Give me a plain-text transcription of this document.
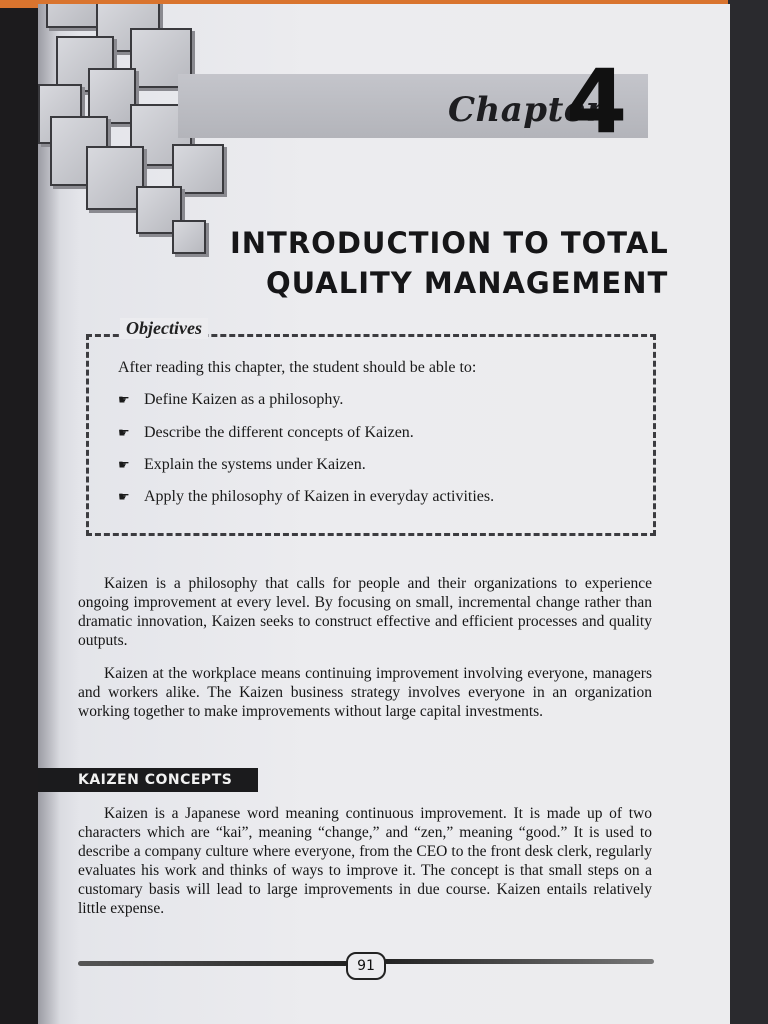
Chapter
4
INTRODUCTION TO TOTAL
QUALITY MANAGEMENT
Objectives
After reading this chapter, the student should be able to:
☛ Define Kaizen as a philosophy.
☛ Describe the different concepts of Kaizen.
☛ Explain the systems under Kaizen.
☛ Apply the philosophy of Kaizen in everyday activities.
Kaizen is a philosophy that calls for people and their organizations to experience ongoing improvement at every level. By focusing on small, incremental change rather than dramatic innovation, Kaizen seeks to construct effective and efficient processes and quality outputs.
Kaizen at the workplace means continuing improvement involving everyone, managers and workers alike. The Kaizen business strategy involves everyone in an organization working together to make improvements without large capital investments.
KAIZEN CONCEPTS
Kaizen is a Japanese word meaning continuous improvement. It is made up of two characters which are “kai”, meaning “change,” and “zen,” meaning “good.” It is used to describe a company culture where everyone, from the CEO to the front desk clerk, regularly evaluates his work and thinks of ways to improve it. The concept is that small steps on a customary basis will lead to large improvements in due course. Kaizen entails relatively little expense.
91
